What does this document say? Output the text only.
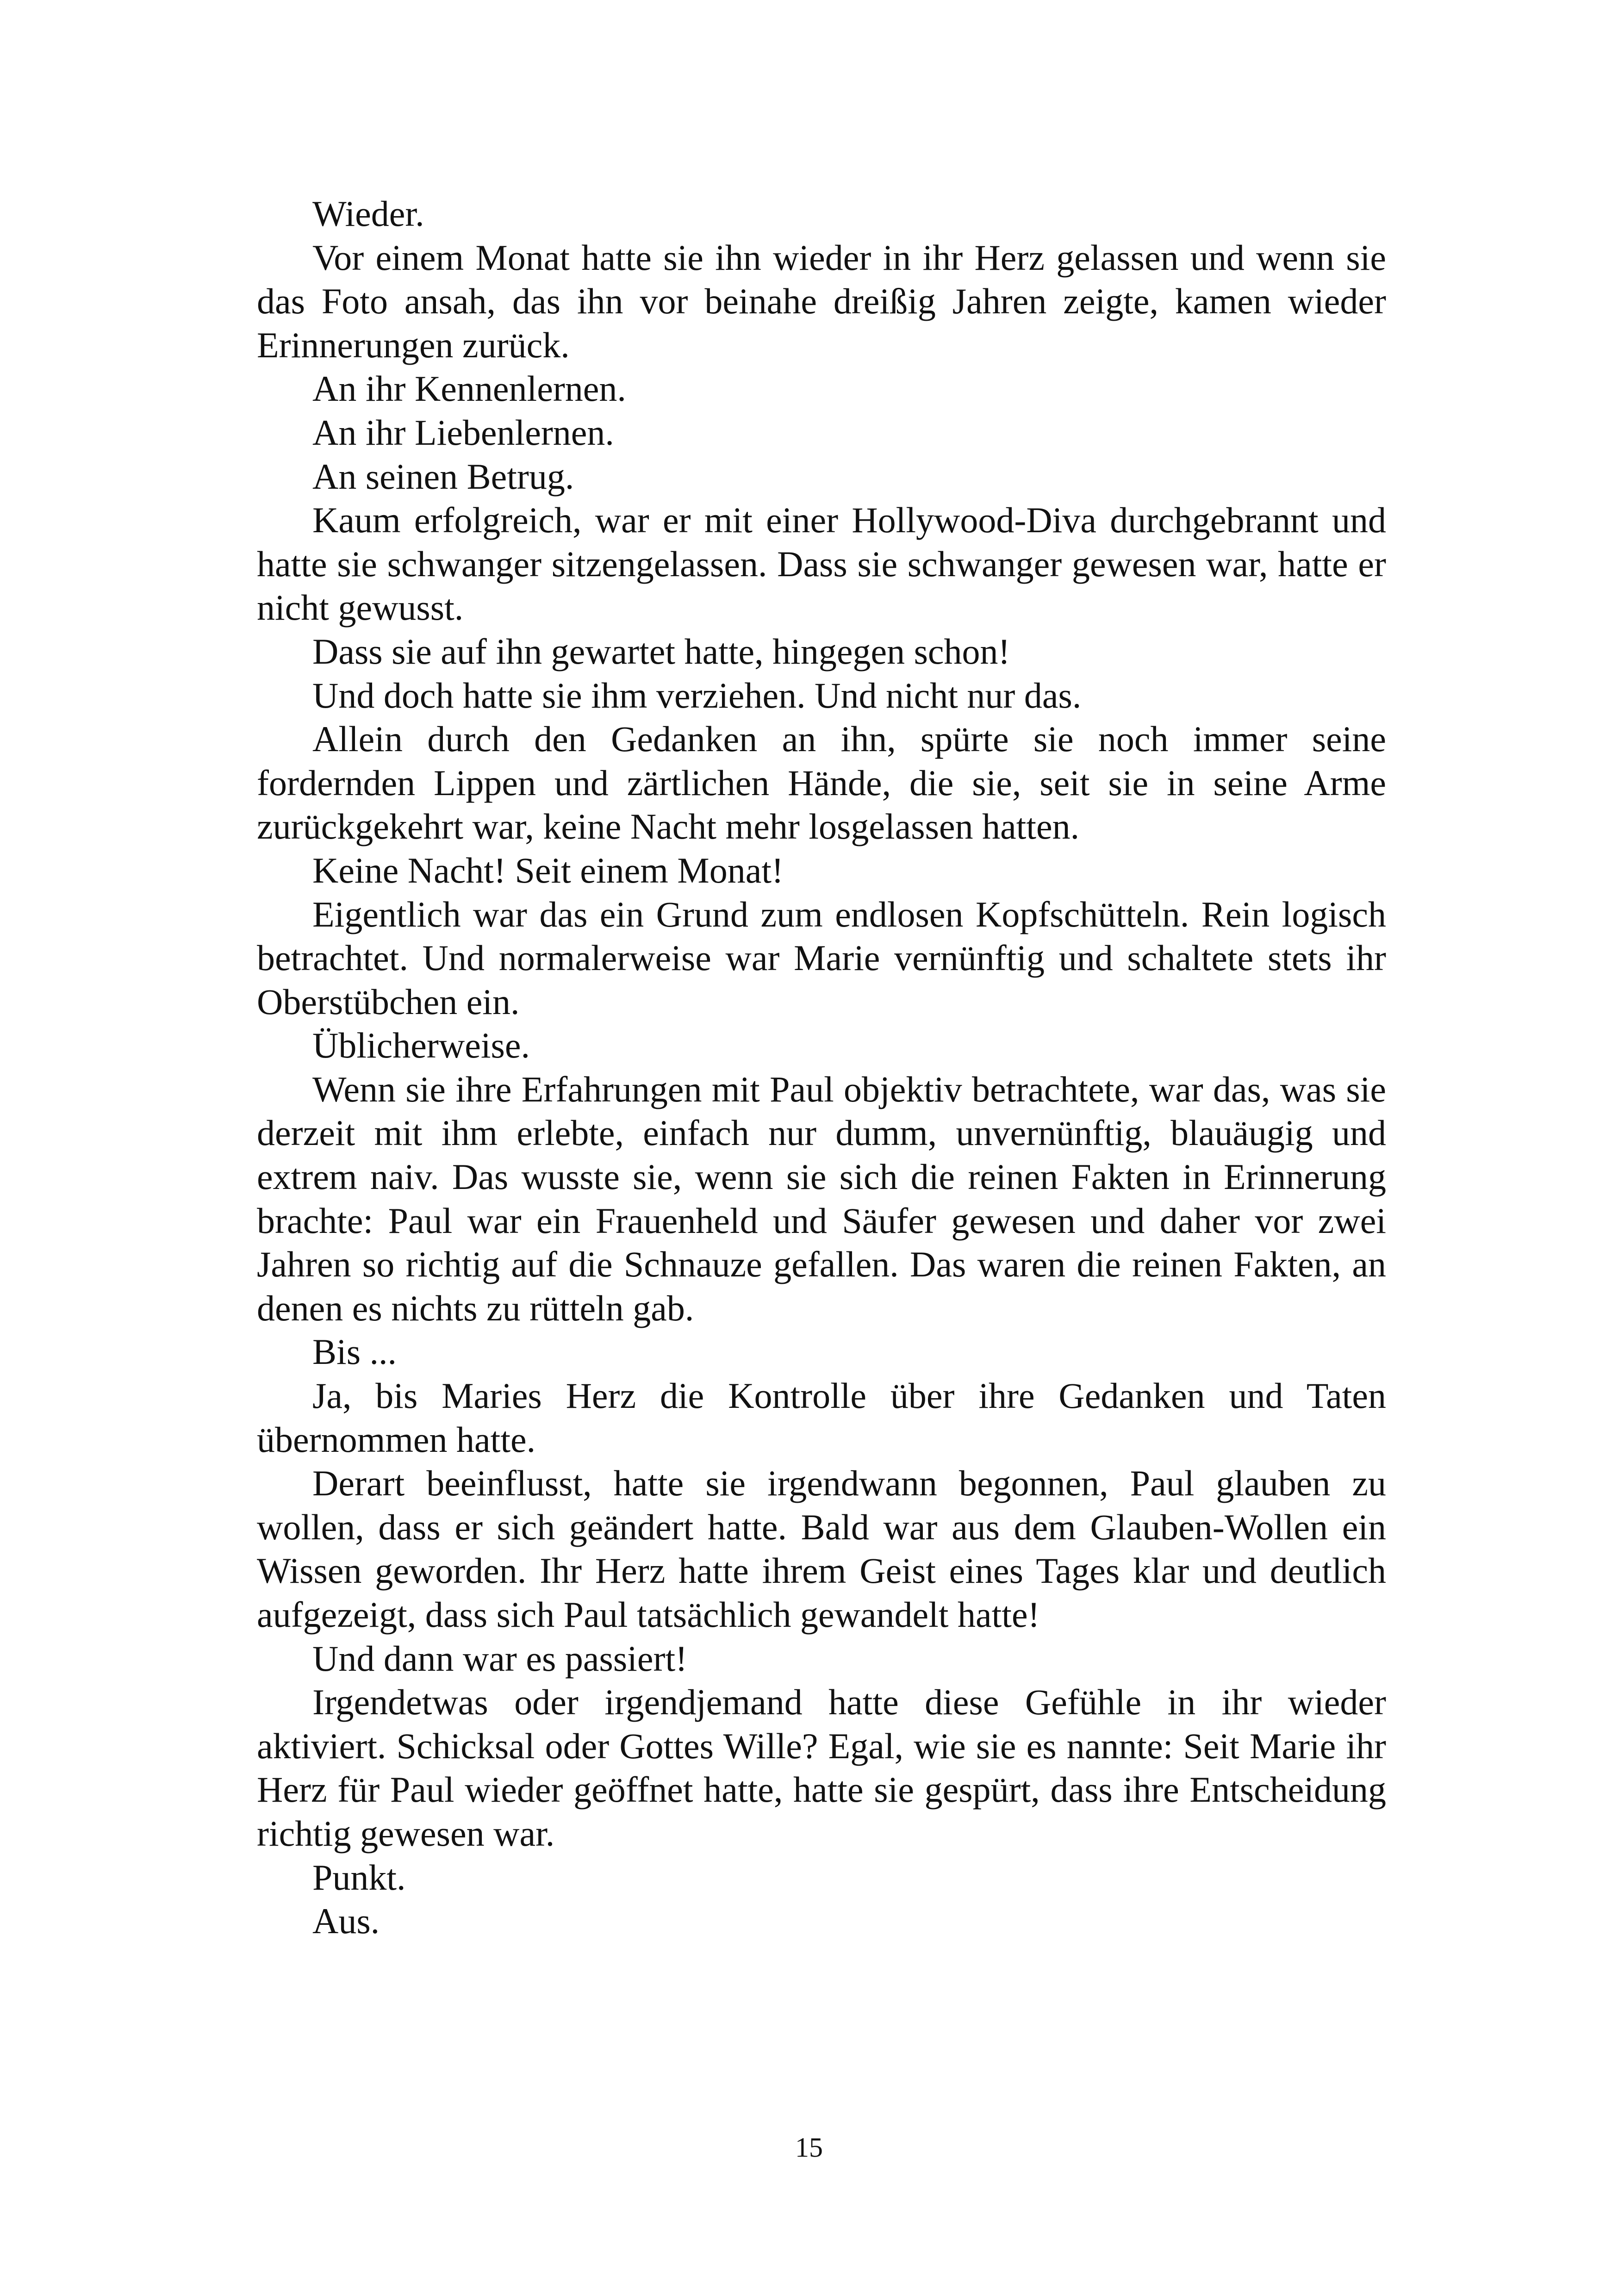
Wieder.

Vor einem Monat hatte sie ihn wieder in ihr Herz gelassen und wenn sie das Foto ansah, das ihn vor beinahe dreißig Jahren zeigte, kamen wieder Erinnerungen zurück.

An ihr Kennenlernen.

An ihr Liebenlernen.

An seinen Betrug.

Kaum erfolgreich, war er mit einer Hollywood-Diva durchgebrannt und hatte sie schwanger sitzengelassen. Dass sie schwanger gewesen war, hatte er nicht gewusst.

Dass sie auf ihn gewartet hatte, hingegen schon!

Und doch hatte sie ihm verziehen. Und nicht nur das.

Allein durch den Gedanken an ihn, spürte sie noch immer seine fordernden Lippen und zärtlichen Hände, die sie, seit sie in seine Arme zurückgekehrt war, keine Nacht mehr losgelassen hatten.

Keine Nacht! Seit einem Monat!

Eigentlich war das ein Grund zum endlosen Kopfschütteln. Rein logisch betrachtet. Und normalerweise war Marie vernünftig und schaltete stets ihr Oberstübchen ein.

Üblicherweise.

Wenn sie ihre Erfahrungen mit Paul objektiv betrachtete, war das, was sie derzeit mit ihm erlebte, einfach nur dumm, unvernünftig, blauäugig und extrem naiv. Das wusste sie, wenn sie sich die reinen Fakten in Erinnerung brachte: Paul war ein Frauenheld und Säufer gewesen und daher vor zwei Jahren so richtig auf die Schnauze gefallen. Das waren die reinen Fakten, an denen es nichts zu rütteln gab.

Bis ...

Ja, bis Maries Herz die Kontrolle über ihre Gedanken und Taten übernommen hatte.

Derart beeinflusst, hatte sie irgendwann begonnen, Paul glauben zu wollen, dass er sich geändert hatte. Bald war aus dem Glauben-Wollen ein Wissen geworden. Ihr Herz hatte ihrem Geist eines Tages klar und deutlich aufgezeigt, dass sich Paul tatsächlich gewandelt hatte!

Und dann war es passiert!

Irgendetwas oder irgendjemand hatte diese Gefühle in ihr wieder aktiviert. Schicksal oder Gottes Wille? Egal, wie sie es nannte: Seit Marie ihr Herz für Paul wieder geöffnet hatte, hatte sie gespürt, dass ihre Entscheidung richtig gewesen war.

Punkt.

Aus.

15
